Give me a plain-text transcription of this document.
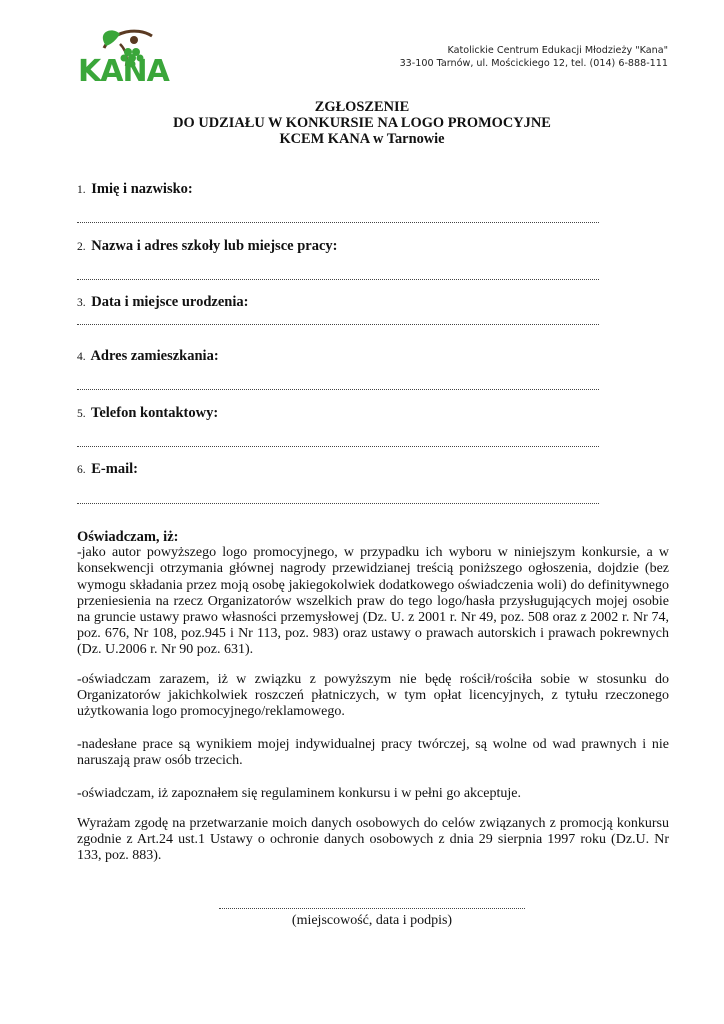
KANA
Katolickie Centrum Edukacji Młodzieży "Kana"
33-100 Tarnów, ul. Mościckiego 12, tel. (014) 6-888-111
ZGŁOSZENIE
DO UDZIAŁU W KONKURSIE NA LOGO PROMOCYJNE
KCEM KANA w Tarnowie
1. Imię i nazwisko:
2. Nazwa i adres szkoły lub miejsce pracy:
3. Data i miejsce urodzenia:
4. Adres zamieszkania:
5. Telefon kontaktowy:
6. E-mail:

Oświadczam, iż:

-jako autor powyższego logo promocyjnego, w przypadku ich wyboru w niniejszym konkursie, a w konsekwencji otrzymania głównej nagrody przewidzianej treścią poniższego ogłoszenia, dojdzie (bez wymogu składania przez moją osobę jakiegokolwiek dodatkowego oświadczenia woli) do definitywnego przeniesienia na rzecz Organizatorów wszelkich praw do tego logo/hasła przysługujących mojej osobie na gruncie ustawy prawo własności przemysłowej (Dz. U. z 2001 r. Nr 49, poz. 508 oraz z 2002 r. Nr 74, poz. 676, Nr 108, poz.945 i Nr 113, poz. 983) oraz ustawy o prawach autorskich i prawach pokrewnych (Dz. U.2006 r. Nr 90 poz. 631).

-oświadczam zarazem, iż w związku z powyższym nie będę rościł/rościła sobie w stosunku do Organizatorów jakichkolwiek roszczeń płatniczych, w tym opłat licencyjnych, z tytułu rzeczonego użytkowania logo promocyjnego/reklamowego.

-nadesłane prace są wynikiem mojej indywidualnej pracy twórczej, są wolne od wad prawnych i nie naruszają praw osób trzecich.

-oświadczam, iż zapoznałem się regulaminem konkursu i w pełni go akceptuje.

Wyrażam zgodę na przetwarzanie moich danych osobowych do celów związanych z promocją konkursu zgodnie z Art.24 ust.1 Ustawy o ochronie danych osobowych z dnia 29 sierpnia 1997 roku (Dz.U. Nr 133, poz. 883).

(miejscowość, data i podpis)
